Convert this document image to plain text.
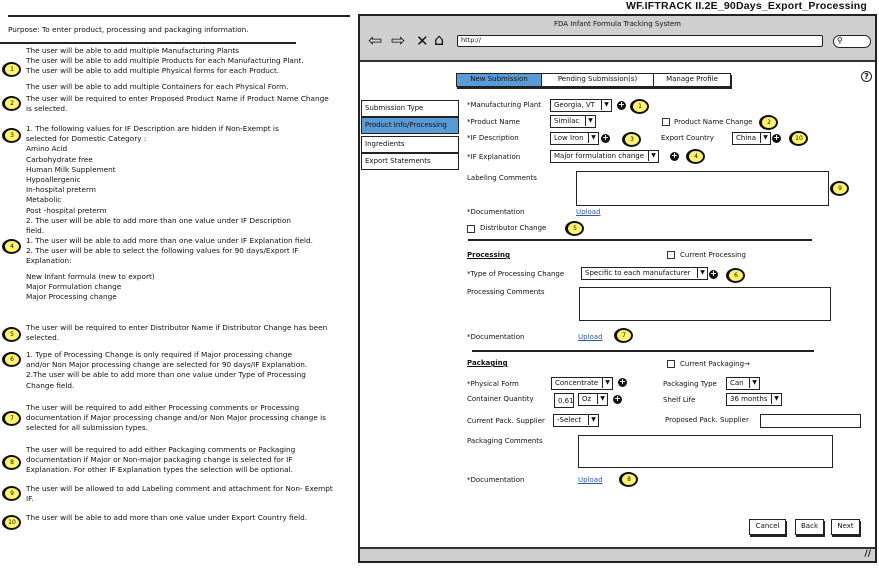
WF.IFTRACK II.2E_90Days_Export_Processing
Purpose: To enter product, processing and packaging information.
The user will be able to add multiple Manufacturing Plants
The user will be able to add multiple Products for each Manufacturing Plant.
The user will be able to add multiple Physical forms for each Product.
The user will be able to add multiple Containers for each Physical Form.
1
The user will be required to enter Proposed Product Name if Product Name Change
is selected.
2
1. The following values for IF Description are hidden if Non-Exempt is
selected for Domestic Category :
Amino Acid
Carbohydrate free
Human Milk Supplement
Hypoallergenic
In-hospital preterm
Metabolic
Post -hospital preterm
2. The user will be able to add more than one value under IF Description
field.
3
1. The user will be able to add more than one value under IF Explanation field.
2. The user will be able to select the following values for 90 days/Export IF
Explanation:
New Infant formula (new to export)
Major Formulation change
Major Processing change
4
The user will be required to enter Distributor Name if Distributor Change has been
selected.
5
1. Type of Processing Change is only required if Major processing change
and/or Non Major processing change are selected for 90 days/IF Explanation.
2.The user will be able to add more than one value under Type of Processing
Change field.
6
The user will be required to add either Processing comments or Processing
documentation if Major processing change and/or Non Major processing change is
selected for all submission types.
7
The user will be required to add either Packaging comments or Packaging
documentation if Major or Non-major packaging change is selected for IF
Explanation. For other IF Explanation types the selection will be optional.
8
The user will be allowed to add Labeling comment and attachment for Non- Exempt
IF.
9
The user will be able to add more than one value under Export Country field.
10
FDA Infant Formula Tracking System
⇦ ⇨ ✕ ⌂	http://	⚲
//
New Submission	Pending Submission(s)	Manage Profile	?
Submission Type
Product Info/Processing
Ingredients
Export Statements
*Manufacturing Plant	Georgia, VT	▼ +
*Product Name	Similac	▼	Product Name Change
*IF Description	Low Iron	▼ +	Export Country	China	▼ +
*IF Explanation	Major formulation change	▼ +
Labeling Comments
*Documentation	Upload
Distributor Change
Processing	Current Processing
*Type of Processing Change	Specific to each manufacturer	▼ +
Processing Comments
*Documentation	Upload
Packaging	Current Packaging→
*Physical Form	Concentrate	▼ +	Packaging Type	Can	▼
Container Quantity	0.61	Oz	▼ +	Shelf Life	36 months	▼
Current Pack. Supplier	-Select	▼	Proposed Pack. Supplier
Packaging Comments
*Documentation	Upload
Cancel	Back	Next
1
2
3	10
4
9
5
6
7
8
